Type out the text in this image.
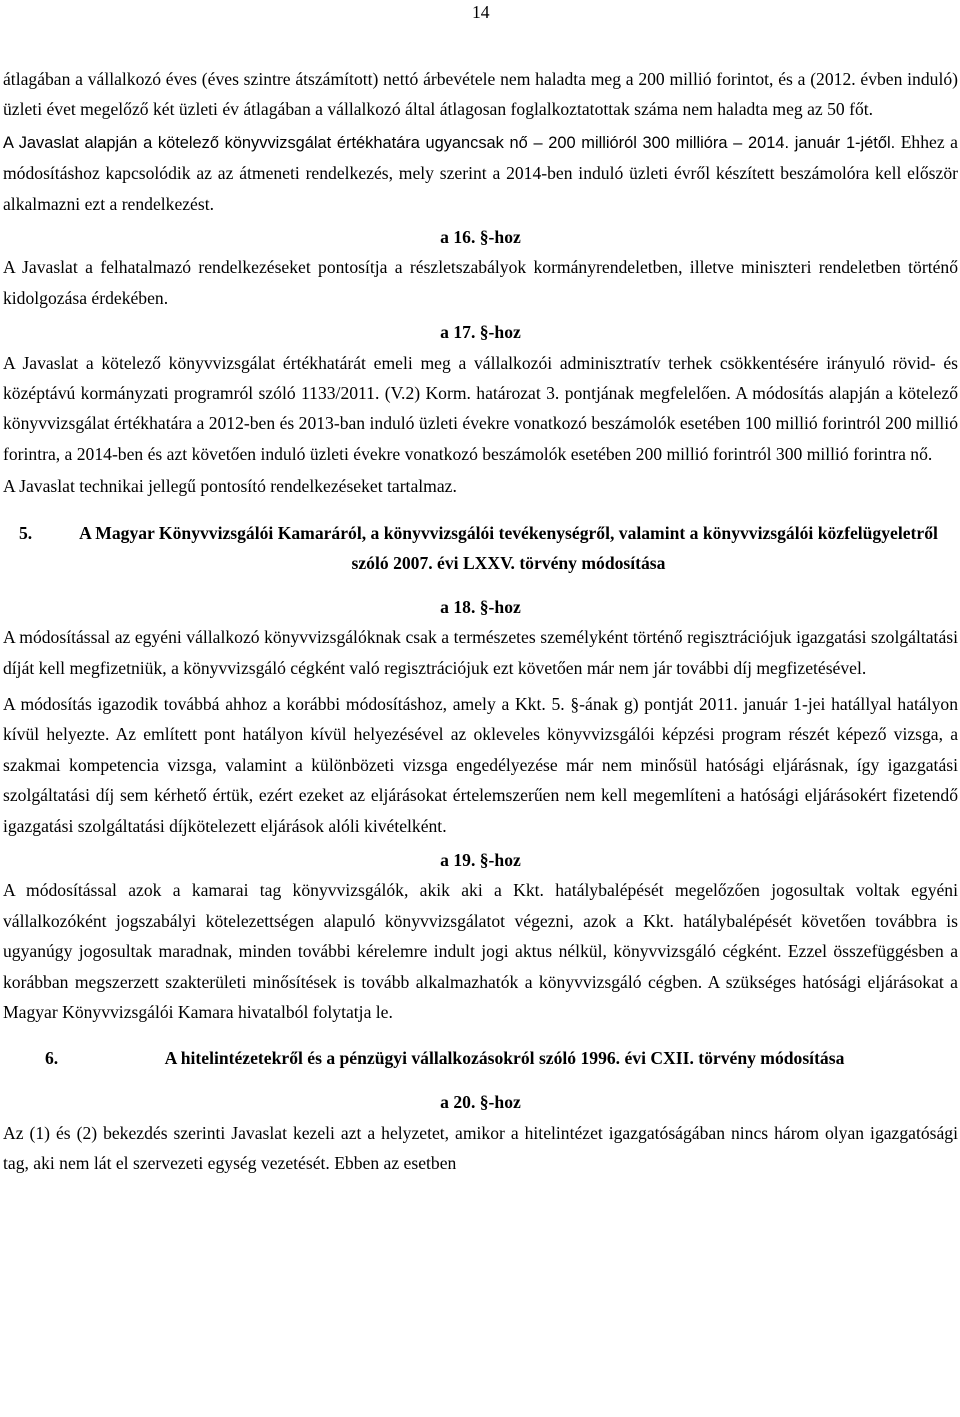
14

átlagában a vállalkozó éves (éves szintre átszámított) nettó árbevétele nem haladta meg a 200 millió forintot, és a (2012. évben induló) üzleti évet megelőző két üzleti év átlagában a vállalkozó által átlagosan foglalkoztatottak száma nem haladta meg az 50 főt.

A Javaslat alapján a kötelező könyvvizsgálat értékhatára ugyancsak nő – 200 millióról 300 millióra – 2014. január 1-jétől. Ehhez a módosításhoz kapcsolódik az az átmeneti rendelkezés, mely szerint a 2014-ben induló üzleti évről készített beszámolóra kell először alkalmazni ezt a rendelkezést.

a 16. §-hoz

A Javaslat a felhatalmazó rendelkezéseket pontosítja a részletszabályok kormányrendeletben, illetve miniszteri rendeletben történő kidolgozása érdekében.

a 17. §-hoz

A Javaslat a kötelező könyvvizsgálat értékhatárát emeli meg a vállalkozói adminisztratív terhek csökkentésére irányuló rövid- és középtávú kormányzati programról szóló 1133/2011. (V.2) Korm. határozat 3. pontjának megfelelően. A módosítás alapján a kötelező könyvvizsgálat értékhatára a 2012-ben és 2013-ban induló üzleti évekre vonatkozó beszámolók esetében 100 millió forintról 200 millió forintra, a 2014-ben és azt követően induló üzleti évekre vonatkozó beszámolók esetében 200 millió forintról 300 millió forintra nő.

A Javaslat technikai jellegű pontosító rendelkezéseket tartalmaz.

5.	A Magyar Könyvvizsgálói Kamaráról, a könyvvizsgálói tevékenységről, valamint a könyvvizsgálói közfelügyeletről szóló 2007. évi LXXV. törvény módosítása

a 18. §-hoz

A módosítással az egyéni vállalkozó könyvvizsgálóknak csak a természetes személyként történő regisztrációjuk igazgatási szolgáltatási díját kell megfizetniük, a könyvvizsgáló cégként való regisztrációjuk ezt követően már nem jár további díj megfizetésével.

A módosítás igazodik továbbá ahhoz a korábbi módosításhoz, amely a Kkt. 5. §-ának g) pontját 2011. január 1-jei hatállyal hatályon kívül helyezte. Az említett pont hatályon kívül helyezésével az okleveles könyvvizsgálói képzési program részét képező vizsga, a szakmai kompetencia vizsga, valamint a különbözeti vizsga engedélyezése már nem minősül hatósági eljárásnak, így igazgatási szolgáltatási díj sem kérhető értük, ezért ezeket az eljárásokat értelemszerűen nem kell megemlíteni a hatósági eljárásokért fizetendő igazgatási szolgáltatási díjkötelezett eljárások alóli kivételként.

a 19. §-hoz

A módosítással azok a kamarai tag könyvvizsgálók, akik aki a Kkt. hatálybalépését megelőzően jogosultak voltak egyéni vállalkozóként jogszabályi kötelezettségen alapuló könyvvizsgálatot végezni, azok a Kkt. hatálybalépését követően továbbra is ugyanúgy jogosultak maradnak, minden további kérelemre indult jogi aktus nélkül, könyvvizsgáló cégként. Ezzel összefüggésben a korábban megszerzett szakterületi minősítések is tovább alkalmazhatók a könyvvizsgáló cégben. A szükséges hatósági eljárásokat a Magyar Könyvvizsgálói Kamara hivatalból folytatja le.

6.	A hitelintézetekről és a pénzügyi vállalkozásokról szóló 1996. évi CXII. törvény módosítása

a 20. §-hoz

Az (1) és (2) bekezdés szerinti Javaslat kezeli azt a helyzetet, amikor a hitelintézet igazgatóságában nincs három olyan igazgatósági tag, aki nem lát el szervezeti egység vezetését. Ebben az esetben
